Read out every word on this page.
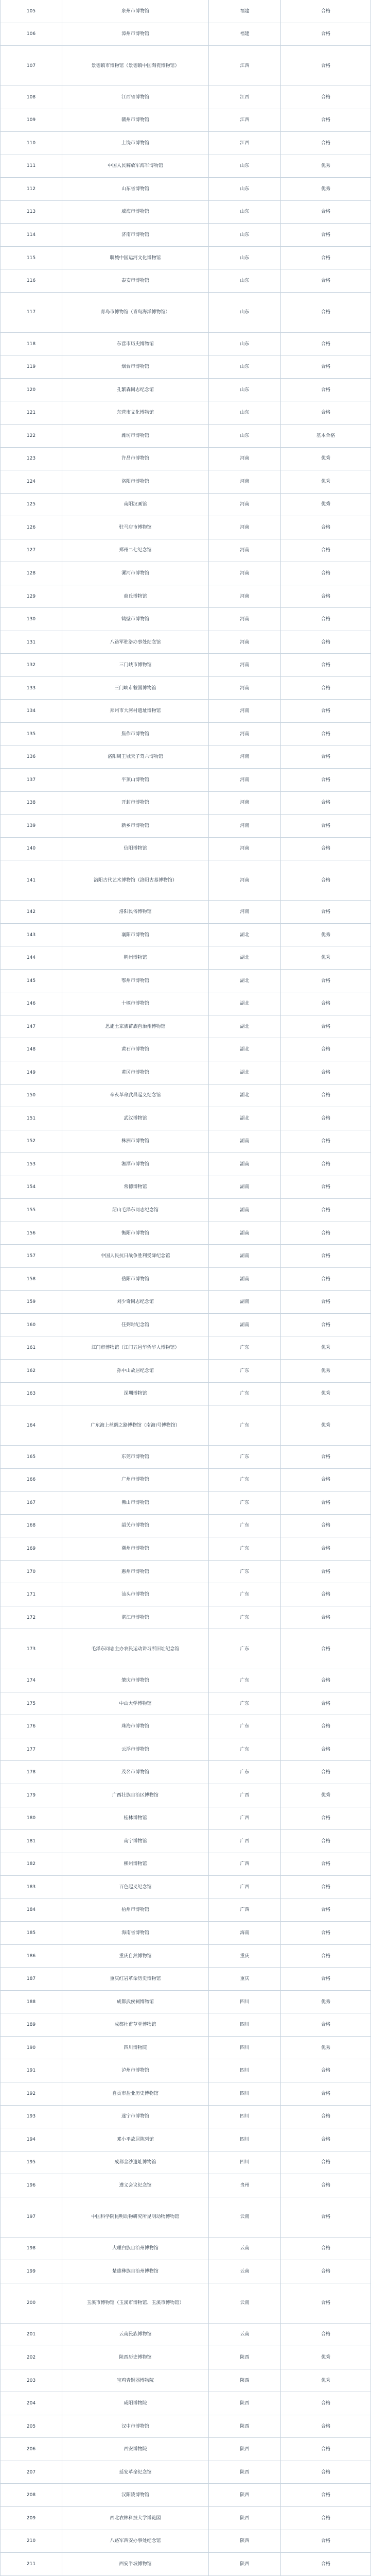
105	泉州市博物馆	福建	合格
106	漳州市博物馆	福建	合格
107	景德镇市博物馆（景德镇中国陶瓷博物馆）	江西	合格
108	江西省博物馆	江西	合格
109	赣州市博物馆	江西	合格
110	上饶市博物馆	江西	合格
111	中国人民解放军海军博物馆	山东	优秀
112	山东省博物馆	山东	优秀
113	威海市博物馆	山东	合格
114	济南市博物馆	山东	合格
115	聊城中国运河文化博物馆	山东	合格
116	泰安市博物馆	山东	合格
117	青岛市博物馆（青岛海洋博物馆）	山东	合格
118	东营市历史博物馆	山东	合格
119	烟台市博物馆	山东	合格
120	孔繁森同志纪念馆	山东	合格
121	东营市文化博物馆	山东	合格
122	潍坊市博物馆	山东	基本合格
123	许昌市博物馆	河南	优秀
124	洛阳市博物馆	河南	优秀
125	南阳汉画馆	河南	优秀
126	驻马店市博物馆	河南	合格
127	郑州二七纪念馆	河南	合格
128	漯河市博物馆	河南	合格
129	商丘博物馆	河南	合格
130	鹤壁市博物馆	河南	合格
131	八路军驻洛办事处纪念馆	河南	合格
132	三门峡市博物馆	河南	合格
133	三门峡市虢国博物馆	河南	合格
134	郑州市大河村遗址博物馆	河南	合格
135	焦作市博物馆	河南	合格
136	洛阳周王城天子驾六博物馆	河南	合格
137	平顶山博物馆	河南	合格
138	开封市博物馆	河南	合格
139	新乡市博物馆	河南	合格
140	信阳博物馆	河南	合格
141	洛阳古代艺术博物馆（洛阳古墓博物馆）	河南	合格
142	洛阳民俗博物馆	河南	合格
143	襄阳市博物馆	湖北	优秀
144	荆州博物馆	湖北	优秀
145	鄂州市博物馆	湖北	合格
146	十堰市博物馆	湖北	合格
147	恩施土家族苗族自治州博物馆	湖北	合格
148	黄石市博物馆	湖北	合格
149	黄冈市博物馆	湖北	合格
150	辛亥革命武昌起义纪念馆	湖北	合格
151	武汉博物馆	湖北	合格
152	株洲市博物馆	湖南	合格
153	湘潭市博物馆	湖南	合格
154	常德博物馆	湖南	合格
155	韶山毛泽东同志纪念馆	湖南	合格
156	衡阳市博物馆	湖南	合格
157	中国人民抗日战争胜利受降纪念馆	湖南	合格
158	岳阳市博物馆	湖南	合格
159	刘少奇同志纪念馆	湖南	合格
160	任弼时纪念馆	湖南	合格
161	江门市博物馆（江门五邑华侨华人博物馆）	广东	优秀
162	孙中山故居纪念馆	广东	优秀
163	深圳博物馆	广东	优秀
164	广东海上丝绸之路博物馆（南海Ⅰ号博物馆）	广东	优秀
165	东莞市博物馆	广东	合格
166	广州市博物馆	广东	合格
167	佛山市博物馆	广东	合格
168	韶关市博物馆	广东	合格
169	潮州市博物馆	广东	合格
170	惠州市博物馆	广东	合格
171	汕头市博物馆	广东	合格
172	湛江市博物馆	广东	合格
173	毛泽东同志主办农民运动讲习所旧址纪念馆	广东	合格
174	肇庆市博物馆	广东	合格
175	中山大学博物馆	广东	合格
176	珠海市博物馆	广东	合格
177	云浮市博物馆	广东	合格
178	茂名市博物馆	广东	合格
179	广西壮族自治区博物馆	广西	优秀
180	桂林博物馆	广西	合格
181	南宁博物馆	广西	合格
182	柳州博物馆	广西	合格
183	百色起义纪念馆	广西	合格
184	梧州市博物馆	广西	合格
185	海南省博物馆	海南	合格
186	重庆自然博物馆	重庆	合格
187	重庆红岩革命历史博物馆	重庆	合格
188	成都武侯祠博物馆	四川	优秀
189	成都杜甫草堂博物馆	四川	合格
190	四川博物院	四川	优秀
191	泸州市博物馆	四川	合格
192	自贡市盐业历史博物馆	四川	合格
193	遂宁市博物馆	四川	合格
194	邓小平故居陈列馆	四川	合格
195	成都金沙遗址博物馆	四川	合格
196	遵义会议纪念馆	贵州	合格
197	中国科学院昆明动物研究所昆明动物博物馆	云南	合格
198	大理白族自治州博物馆	云南	合格
199	楚雄彝族自治州博物馆	云南	合格
200	玉溪市博物馆（玉溪市博物馆、玉溪市博物馆）	云南	合格
201	云南民族博物馆	云南	合格
202	陕西历史博物馆	陕西	优秀
203	宝鸡青铜器博物院	陕西	优秀
204	咸阳博物院	陕西	合格
205	汉中市博物馆	陕西	合格
206	西安博物院	陕西	合格
207	延安革命纪念馆	陕西	合格
208	汉阳陵博物馆	陕西	合格
209	西北农林科技大学博览园	陕西	合格
210	八路军西安办事处纪念馆	陕西	合格
211	西安半坡博物馆	陕西	合格
